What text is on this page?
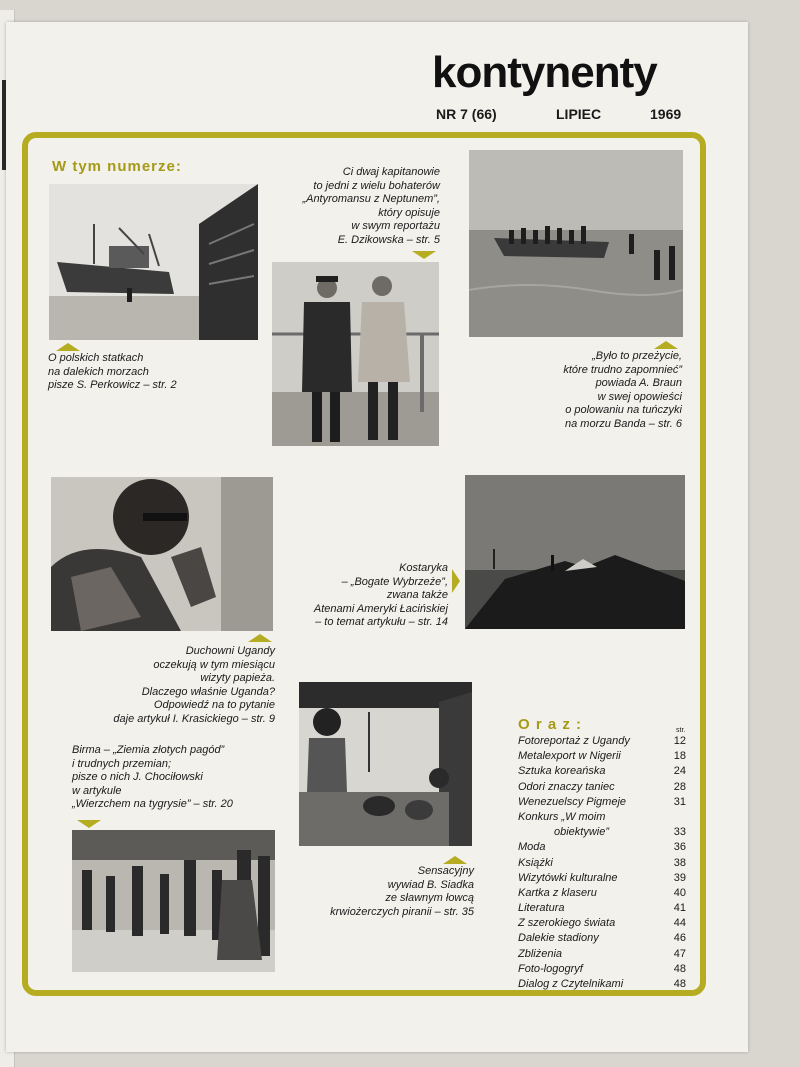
kontynenty
NR 7 (66)	LIPIEC	1969
W tym numerze:
O polskich statkach
na dalekich morzach
pisze S. Perkowicz – str. 2
Ci dwaj kapitanowie
to jedni z wielu bohaterów
„Antyromansu z Neptunem”,
który opisuje
w swym reportażu
E. Dzikowska – str. 5
„Było to przeżycie,
które trudno zapomnieć”
powiada A. Braun
w swej opowieści
o polowaniu na tuńczyki
na morzu Banda – str. 6
Duchowni Ugandy
oczekują w tym miesiącu
wizyty papieża.
Dlaczego właśnie Uganda?
Odpowiedź na to pytanie
daje artykuł I. Krasickiego – str. 9
Kostaryka
– „Bogate Wybrzeże”,
zwana także
Atenami Ameryki Łacińskiej
– to temat artykułu – str. 14
Birma – „Ziemia złotych pagód”
i trudnych przemian;
pisze o nich J. Chociłowski
w artykule
„Wierzchem na tygrysie” – str. 20
Sensacyjny
wywiad B. Siadka
ze sławnym łowcą
krwiożerczych piranii – str. 35
O r a z :	str.
Fotoreportaż z Ugandy	12
Metalexport w Nigerii	18
Sztuka koreańska	24
Odori znaczy taniec	28
Wenezuelscy Pigmeje	31
Konkurs „W moim
obiektywie”	33
Moda	36
Książki	38
Wizytówki kulturalne	39
Kartka z klaseru	40
Literatura	41
Z szerokiego świata	44
Dalekie stadiony	46
Zbliżenia	47
Foto-logogryf	48
Dialog z Czytelnikami	48
